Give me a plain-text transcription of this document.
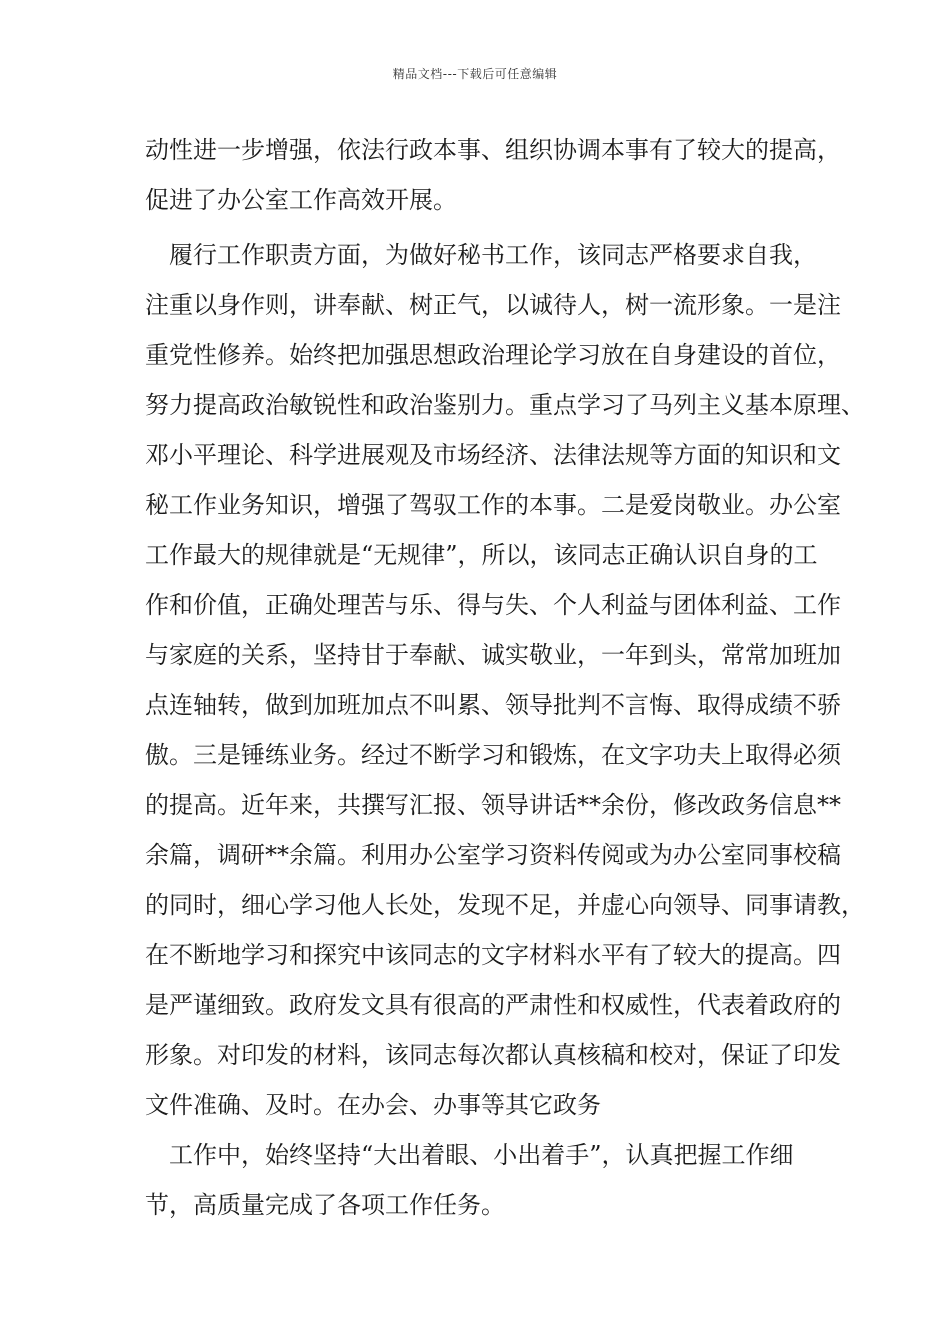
精品文档---下载后可任意编辑
动性进一步增强，依法行政本事、组织协调本事有了较大的提高，
促进了办公室工作高效开展。
　履行工作职责方面，为做好秘书工作，该同志严格要求自我，
注重以身作则，讲奉献、树正气，以诚待人，树一流形象。一是注
重党性修养。始终把加强思想政治理论学习放在自身建设的首位，
努力提高政治敏锐性和政治鉴别力。重点学习了马列主义基本原理、
邓小平理论、科学进展观及市场经济、法律法规等方面的知识和文
秘工作业务知识，增强了驾驭工作的本事。二是爱岗敬业。办公室
工作最大的规律就是“无规律”，所以，该同志正确认识自身的工
作和价值，正确处理苦与乐、得与失、个人利益与团体利益、工作
与家庭的关系，坚持甘于奉献、诚实敬业，一年到头，常常加班加
点连轴转，做到加班加点不叫累、领导批判不言悔、取得成绩不骄
傲。三是锤练业务。经过不断学习和锻炼，在文字功夫上取得必须
的提高。近年来，共撰写汇报、领导讲话**余份，修改政务信息**
余篇，调研**余篇。利用办公室学习资料传阅或为办公室同事校稿
的同时，细心学习他人长处，发现不足，并虚心向领导、同事请教，
在不断地学习和探究中该同志的文字材料水平有了较大的提高。四
是严谨细致。政府发文具有很高的严肃性和权威性，代表着政府的
形象。对印发的材料，该同志每次都认真核稿和校对，保证了印发
文件准确、及时。在办会、办事等其它政务
　工作中，始终坚持“大出着眼、小出着手”，认真把握工作细
节，高质量完成了各项工作任务。
